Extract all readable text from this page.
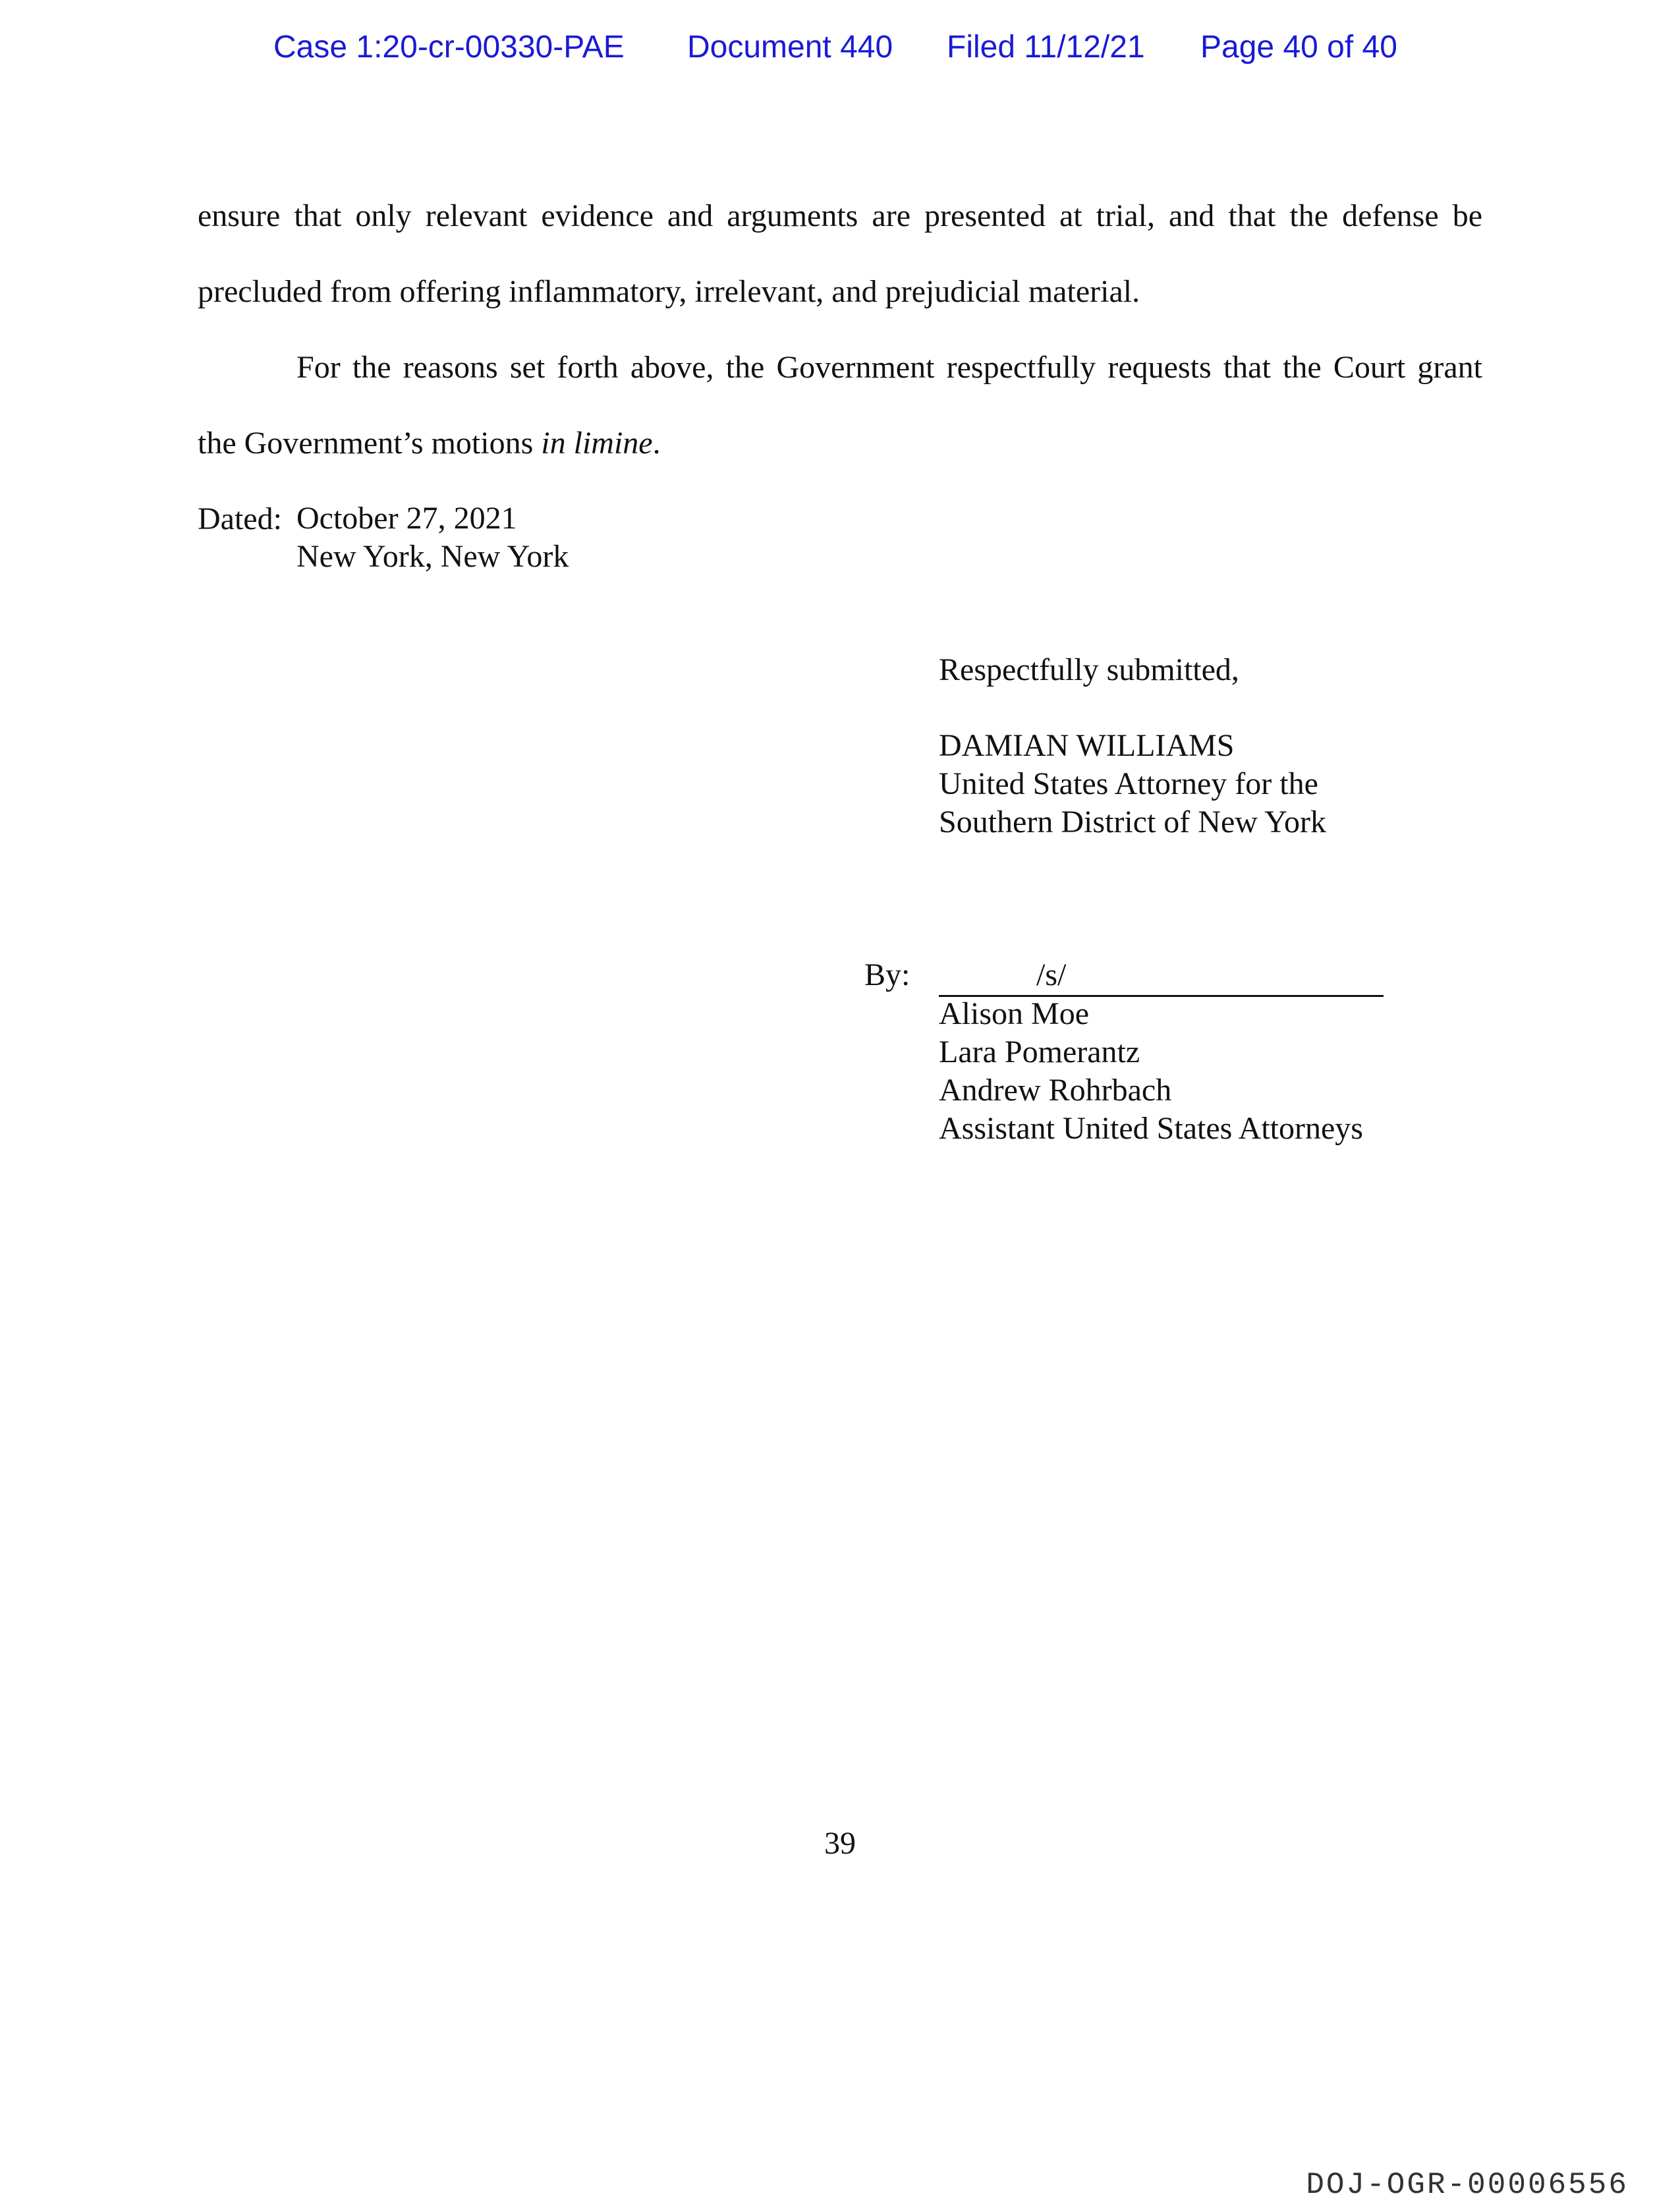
Case 1:20-cr-00330-PAE Document 440 Filed 11/12/21 Page 40 of 40
ensure that only relevant evidence and arguments are presented at trial, and that the defense be
precluded from offering inflammatory, irrelevant, and prejudicial material.
For the reasons set forth above, the Government respectfully requests that the Court grant
the Government’s motions in limine.
Dated: October 27, 2021
New York, New York
Respectfully submitted,
DAMIAN WILLIAMS
United States Attorney for the
Southern District of New York
By:	/s/
Alison Moe
Lara Pomerantz
Andrew Rohrbach
Assistant United States Attorneys
39
DOJ-OGR-00006556
